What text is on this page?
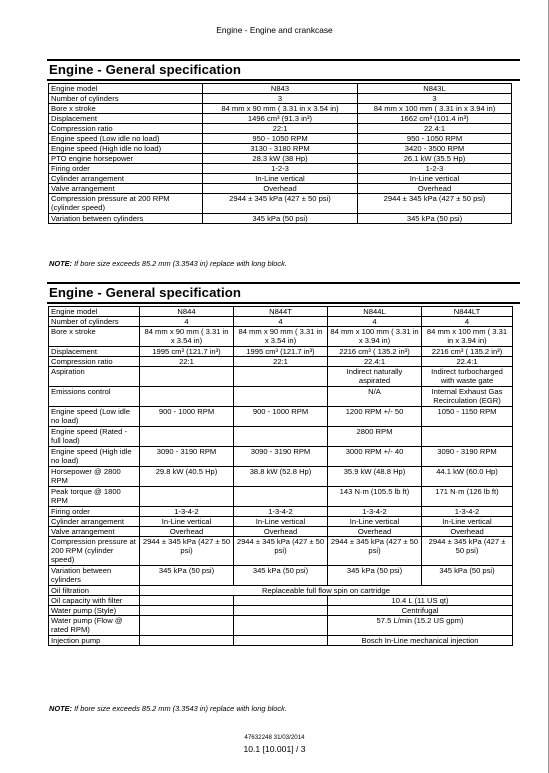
Engine - Engine and crankcase
Engine - General specification
Engine model	N843	N843L
Number of cylinders	3	3
Bore x stroke	84 mm x 90 mm ( 3.31 in x 3.54 in)	84 mm x 100 mm ( 3.31 in x 3.94 in)
Displacement	1496 cm³ (91.3 in³)	1662 cm³ (101.4 in³)
Compression ratio	22:1	22.4:1
Engine speed (Low idle no load)	950 - 1050 RPM	950 - 1050 RPM
Engine speed (High idle no load)	3130 - 3180 RPM	3420 - 3500 RPM
PTO engine horsepower	28.3 kW (38 Hp)	26.1 kW (35.5 Hp)
Firing order	1-2-3	1-2-3
Cylinder arrangement	In-Line vertical	In-Line vertical
Valve arrangement	Overhead	Overhead
Compression pressure at 200 RPM (cylinder speed)	2944 ± 345 kPa (427 ± 50 psi)	2944 ± 345 kPa (427 ± 50 psi)
Variation between cylinders	345 kPa (50 psi)	345 kPa (50 psi)
NOTE: If bore size exceeds 85.2 mm (3.3543 in) replace with long block.
Engine - General specification
Engine model	N844	N844T	N844L	N844LT
Number of cylinders	4	4	4	4
Bore x stroke	84 mm x 90 mm ( 3.31 in x 3.54 in)	84 mm x 90 mm ( 3.31 in x 3.54 in)	84 mm x 100 mm ( 3.31 in x 3.94 in)	84 mm x 100 mm ( 3.31 in x 3.94 in)
Displacement	1995 cm³ (121.7 in³)	1995 cm³ (121.7 in³)	2216 cm³ ( 135.2 in³)	2216 cm³ ( 135.2 in³)
Compression ratio	22:1	22:1	22.4:1	22.4:1
Aspiration			Indirect naturally aspirated	Indirect turbocharged with waste gate
Emissions control			N/A	Internal Exhaust Gas Recirculation (EGR)
Engine speed (Low idle no load)	900 - 1000 RPM	900 - 1000 RPM	1200 RPM +/- 50	1050 - 1150 RPM
Engine speed (Rated - full load)			2800 RPM	
Engine speed (High idle no load)	3090 - 3190 RPM	3090 - 3190 RPM	3000 RPM +/- 40	3090 - 3190 RPM
Horsepower @ 2800 RPM	29.8 kW (40.5 Hp)	38.8 kW (52.8 Hp)	35.9 kW (48.8 Hp)	44.1 kW (60.0 Hp)
Peak torque @ 1800 RPM			143 N·m (105.5 lb ft)	171 N·m (126 lb ft)
Firing order	1-3-4-2	1-3-4-2	1-3-4-2	1-3-4-2
Cylinder arrangement	In-Line vertical	In-Line vertical	In-Line vertical	In-Line vertical
Valve arrangement	Overhead	Overhead	Overhead	Overhead
Compression pressure at 200 RPM (cylinder speed)	2944 ± 345 kPa (427 ± 50 psi)	2944 ± 345 kPa (427 ± 50 psi)	2944 ± 345 kPa (427 ± 50 psi)	2944 ± 345 kPa (427 ± 50 psi)
Variation between cylinders	345 kPa (50 psi)	345 kPa (50 psi)	345 kPa (50 psi)	345 kPa (50 psi)
Oil filtration	Replaceable full flow spin on cartridge			
Oil capacity with filter			10.4 L (11 US qt)	
Water pump (Style)			Centrifugal	
Water pump (Flow @ rated RPM)			57.5 L/min (15.2 US gpm)	
Injection pump			Bosch In-Line mechanical injection	
NOTE: If bore size exceeds 85.2 mm (3.3543 in) replace with long block.
47632248 31/03/2014
10.1 [10.001] / 3
